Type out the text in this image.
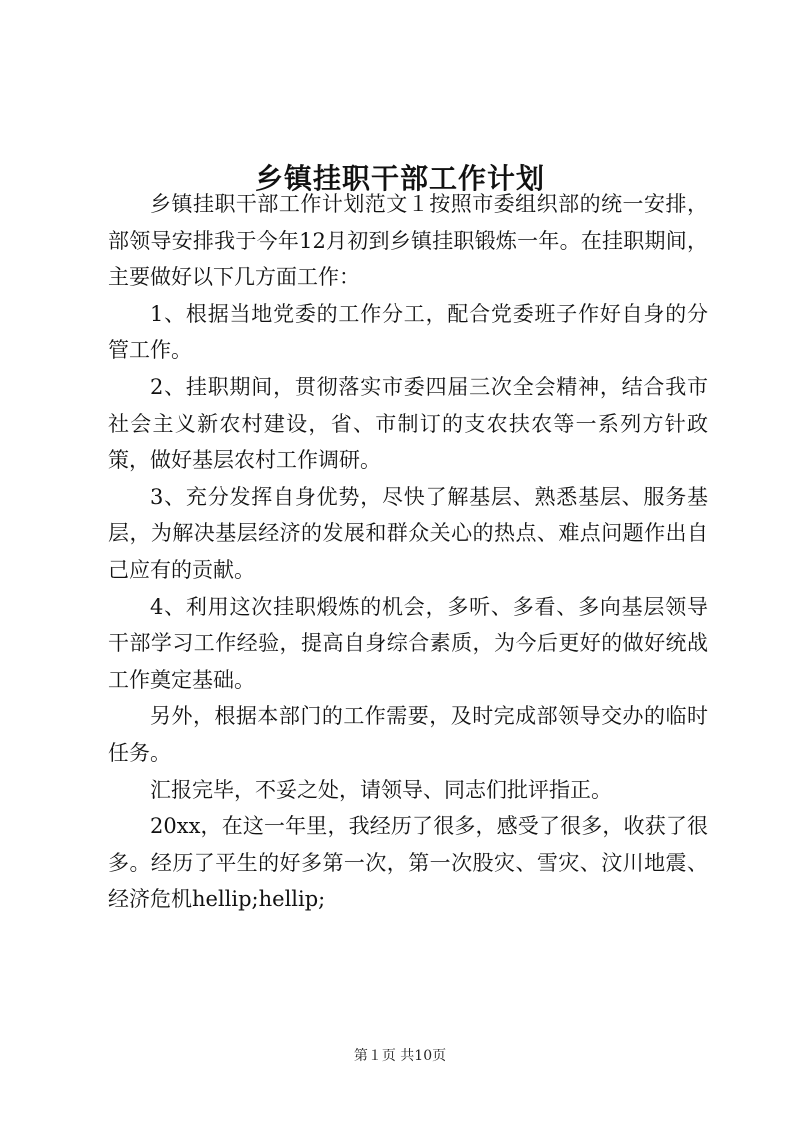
乡镇挂职干部工作计划

乡镇挂职干部工作计划范文１按照市委组织部的统一安排，部领导安排我于今年12月初到乡镇挂职锻炼一年。在挂职期间，主要做好以下几方面工作：

1、根据当地党委的工作分工，配合党委班子作好自身的分管工作。

2、挂职期间，贯彻落实市委四届三次全会精神，结合我市社会主义新农村建设，省、市制订的支农扶农等一系列方针政策，做好基层农村工作调研。

3、充分发挥自身优势，尽快了解基层、熟悉基层、服务基层，为解决基层经济的发展和群众关心的热点、难点问题作出自己应有的贡献。

4、利用这次挂职煅炼的机会，多听、多看、多向基层领导干部学习工作经验，提高自身综合素质，为今后更好的做好统战工作奠定基础。

另外，根据本部门的工作需要，及时完成部领导交办的临时任务。

汇报完毕，不妥之处，请领导、同志们批评指正。

20xx，在这一年里，我经历了很多，感受了很多，收获了很多。经历了平生的好多第一次，第一次股灾、雪灾、汶川地震、经济危机hellip;hellip;

第１页 共10页
